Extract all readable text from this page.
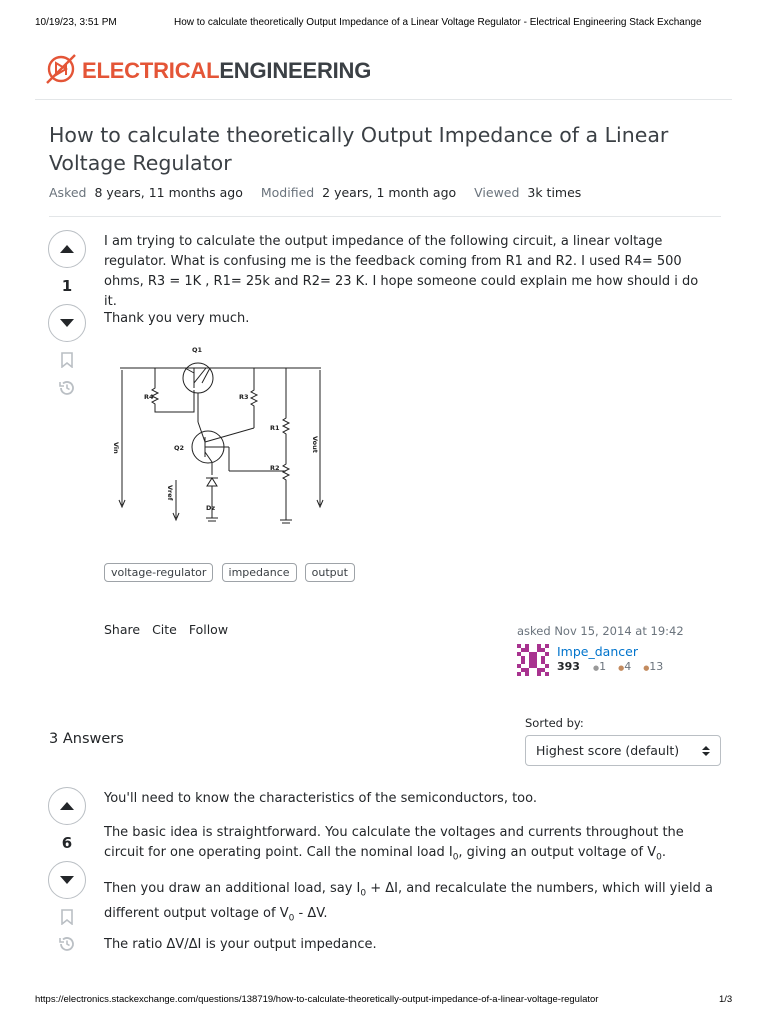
10/19/23, 3:51 PM	How to calculate theoretically Output Impedance of a Linear Voltage Regulator - Electrical Engineering Stack Exchange
ELECTRICALENGINEERING
How to calculate theoretically Output Impedance of a Linear Voltage Regulator
Asked 8 years, 11 months ago Modified 2 years, 1 month ago Viewed 3k times
1
I am trying to calculate the output impedance of the following circuit, a linear voltage regulator. What is confusing me is the feedback coming from R1 and R2. I used R4= 500 ohms, R3 = 1K , R1= 25k and R2= 23 K. I hope someone could explain me how should i do it.
Thank you very much.
Q1
R4	R3
R1
R2
Q2
Dz
Vin	Vout
Vref
voltage-regulator impedance output
Share Cite Follow	asked Nov 15, 2014 at 19:42
Impe_dancer
393 ●1 ●4 ●13
3 Answers
Sorted by:
Highest score (default)
6
You'll need to know the characteristics of the semiconductors, too.
The basic idea is straightforward. You calculate the voltages and currents throughout the circuit for one operating point. Call the nominal load $I_0$, giving an output voltage of $V_0$.
Then you draw an additional load, say $I_0 + \Delta I$, and recalculate the numbers, which will yield a different output voltage of $V_0$ - ΔV.
The ratio ΔV/ΔI is your output impedance.
https://electronics.stackexchange.com/questions/138719/how-to-calculate-theoretically-output-impedance-of-a-linear-voltage-regulator	1/3
